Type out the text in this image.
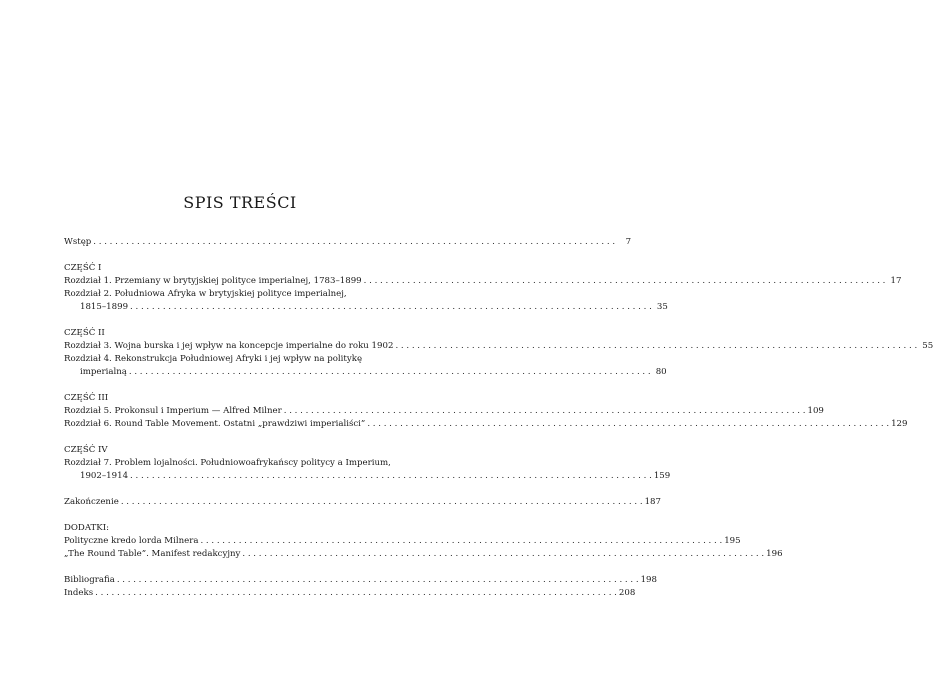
SPIS TREŚCI
Wstęp . . .	7
CZĘŚĆ I
Rozdział 1. Przemiany w brytyjskiej polityce imperialnej, 1783–1899 . . .	17
Rozdział 2. Południowa Afryka w brytyjskiej polityce imperialnej,
1815–1899 . . .	35
CZĘŚĆ II
Rozdział 3. Wojna burska i jej wpływ na koncepcje imperialne do roku 1902 . . .	55
Rozdział 4. Rekonstrukcja Południowej Afryki i jej wpływ na politykę
imperialną . . .	80
CZĘŚĆ III
Rozdział 5. Prokonsul i Imperium — Alfred Milner . . .	109
Rozdział 6. Round Table Movement. Ostatni „prawdziwi imperialiści” . . .	129
CZĘŚĆ IV
Rozdział 7. Problem lojalności. Południowoafrykańscy politycy a Imperium,
1902–1914 . . .	159
Zakończenie . . .	187
DODATKI:
Polityczne kredo lorda Milnera . . .	195
„The Round Table”. Manifest redakcyjny . . .	196
Bibliografia . . .	198
Indeks . . .	208
